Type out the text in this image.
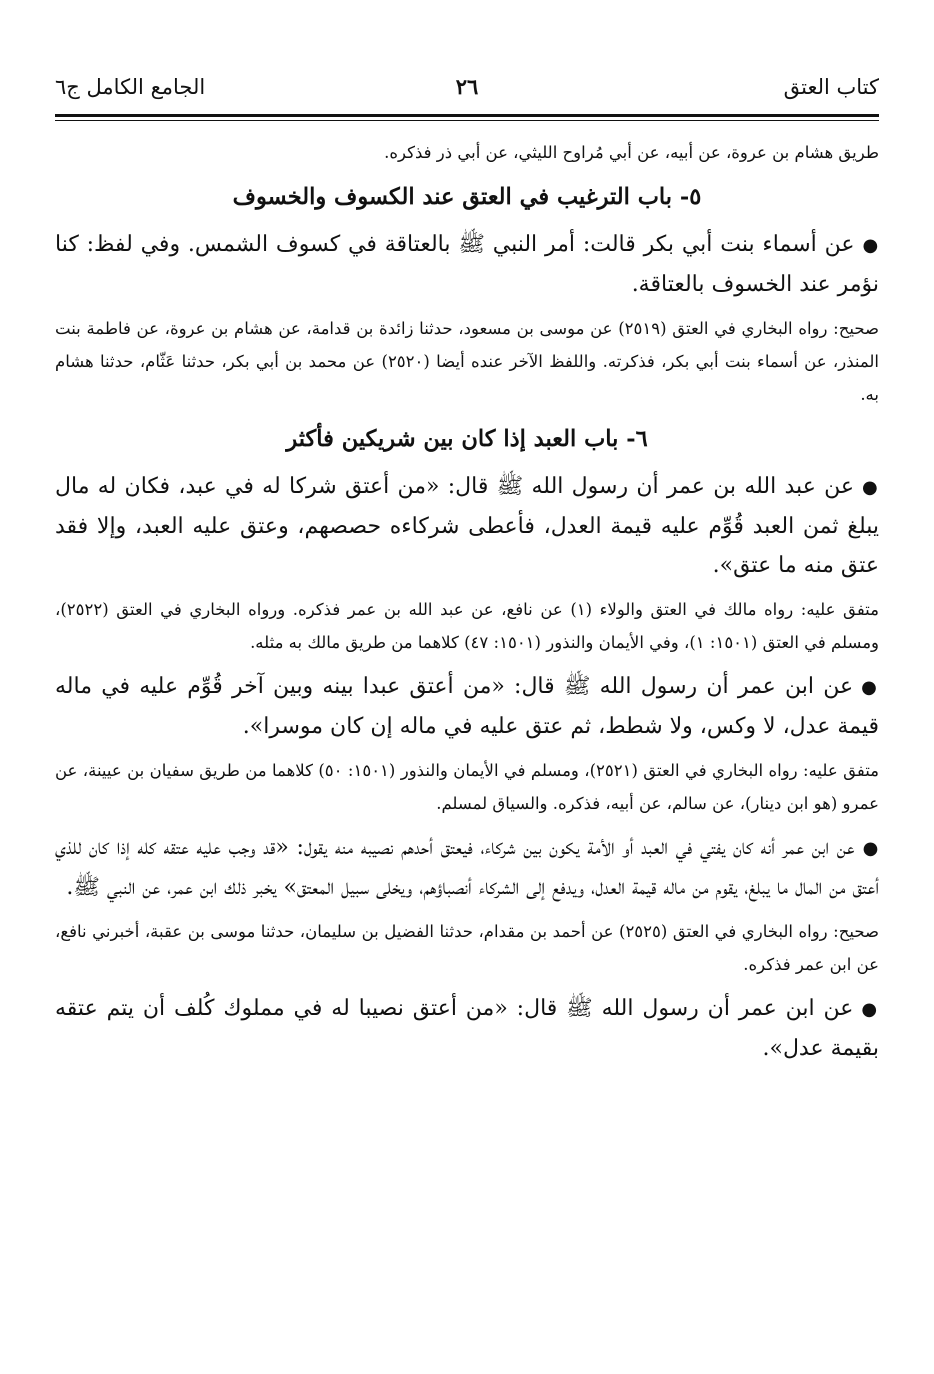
كتاب العتق
٢٦
الجامع الكامل ج٦

طريق هشام بن عروة، عن أبيه، عن أبي مُراوح الليثي، عن أبي ذر فذكره.

٥- باب الترغيب في العتق عند الكسوف والخسوف

●عن أسماء بنت أبي بكر قالت: أمر النبي ﷺ بالعتاقة في كسوف الشمس. وفي لفظ: كنا نؤمر عند الخسوف بالعتاقة.

صحيح: رواه البخاري في العتق (٢٥١٩) عن موسى بن مسعود، حدثنا زائدة بن قدامة، عن هشام بن عروة، عن فاطمة بنت المنذر، عن أسماء بنت أبي بكر، فذكرته. واللفظ الآخر عنده أيضا (٢٥٢٠) عن محمد بن أبي بكر، حدثنا عَثّام، حدثنا هشام به.

٦- باب العبد إذا كان بين شريكين فأكثر

●عن عبد الله بن عمر أن رسول الله ﷺ قال: «من أعتق شركا له في عبد، فكان له مال يبلغ ثمن العبد قُوِّم عليه قيمة العدل، فأعطى شركاءه حصصهم، وعتق عليه العبد، وإلا فقد عتق منه ما عتق».

متفق عليه: رواه مالك في العتق والولاء (١) عن نافع، عن عبد الله بن عمر فذكره. ورواه البخاري في العتق (٢٥٢٢)، ومسلم في العتق (١٥٠١: ١)، وفي الأيمان والنذور (١٥٠١: ٤٧) كلاهما من طريق مالك به مثله.

●عن ابن عمر أن رسول الله ﷺ قال: «من أعتق عبدا بينه وبين آخر قُوِّم عليه في ماله قيمة عدل، لا وكس، ولا شطط، ثم عتق عليه في ماله إن كان موسرا».

متفق عليه: رواه البخاري في العتق (٢٥٢١)، ومسلم في الأيمان والنذور (١٥٠١: ٥٠) كلاهما من طريق سفيان بن عيينة، عن عمرو (هو ابن دينار)، عن سالم، عن أبيه، فذكره. والسياق لمسلم.

●عن ابن عمر أنه كان يفتي في العبد أو الأمة يكون بين شركاء، فيعتق أحدهم نصيبه منه يقول: «قد وجب عليه عتقه كله إذا كان للذي أعتق من المال ما يبلغ، يقوم من ماله قيمة العدل، ويدفع إلى الشركاء أنصباؤهم، ويخلى سبيل المعتق» يخبر ذلك ابن عمر، عن النبي ﷺ.

صحيح: رواه البخاري في العتق (٢٥٢٥) عن أحمد بن مقدام، حدثنا الفضيل بن سليمان، حدثنا موسى بن عقبة، أخبرني نافع، عن ابن عمر فذكره.

●عن ابن عمر أن رسول الله ﷺ قال: «من أعتق نصيبا له في مملوك كُلف أن يتم عتقه بقيمة عدل».
